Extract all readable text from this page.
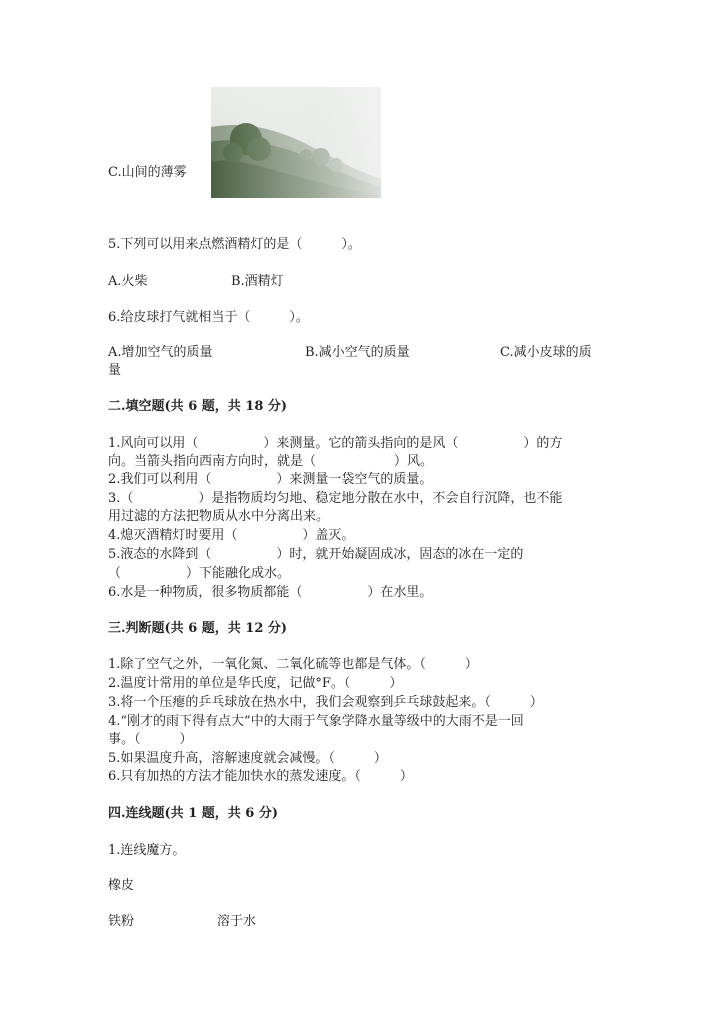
C.山间的薄雾
5.下列可以用来点燃酒精灯的是（　　　）。
A.火柴	B.酒精灯
6.给皮球打气就相当于（　　　）。
A.增加空气的质量	B.减小空气的质量	C.减小皮球的质
量
二.填空题(共 6 题，共 18 分)
1.风向可以用（　　　　　）来测量。它的箭头指向的是风（　　　　　）的方
向。当箭头指向西南方向时，就是（　　　　　　）风。
2.我们可以利用（　　　　　）来测量一袋空气的质量。
3.（　　　　　）是指物质均匀地、稳定地分散在水中，不会自行沉降，也不能
用过滤的方法把物质从水中分离出来。
4.熄灭酒精灯时要用（　　　　　）盖灭。
5.液态的水降到（　　　　　）时，就开始凝固成冰，固态的冰在一定的
（　　　　　）下能融化成水。
6.水是一种物质，很多物质都能（　　　　　）在水里。
三.判断题(共 6 题，共 12 分)
1.除了空气之外，一氧化氮、二氧化硫等也都是气体。（　　　）
2.温度计常用的单位是华氏度，记做°F。（　　　）
3.将一个压瘪的乒乓球放在热水中，我们会观察到乒乓球鼓起来。（　　　）
4.“刚才的雨下得有点大”中的大雨于气象学降水量等级中的大雨不是一回
事。（　　　）
5.如果温度升高，溶解速度就会减慢。（　　　）
6.只有加热的方法才能加快水的蒸发速度。（　　　）
四.连线题(共 1 题，共 6 分)
1.连线魔方。
橡皮
铁粉	溶于水
